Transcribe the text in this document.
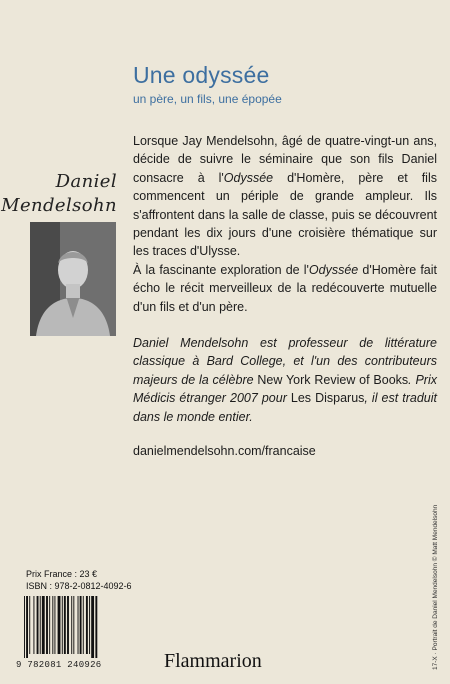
Une odyssée
un père, un fils, une épopée
Daniel
Mendelsohn

Lorsque Jay Mendelsohn, âgé de quatre-vingt-un ans, décide de suivre le séminaire que son fils Daniel consacre à l'Odyssée d'Homère, père et fils commencent un périple de grande ampleur. Ils s'affrontent dans la salle de classe, puis se découvrent pendant les dix jours d'une croisière thématique sur les traces d'Ulysse.

À la fascinante exploration de l'Odyssée d'Homère fait écho le récit merveilleux de la redécouverte mutuelle d'un fils et d'un père.

Daniel Mendelsohn est professeur de littérature classique à Bard College, et l'un des contributeurs majeurs de la célèbre New York Review of Books. Prix Médicis étranger 2007 pour Les Disparus, il est traduit dans le monde entier.

danielmendelsohn.com/francaise

17-X · Portrait de Daniel Mendelsohn © Matt Mendelsohn
Prix France : 23 €
ISBN : 978-2-0812-4092-6
9 782081 240926	Flammarion
